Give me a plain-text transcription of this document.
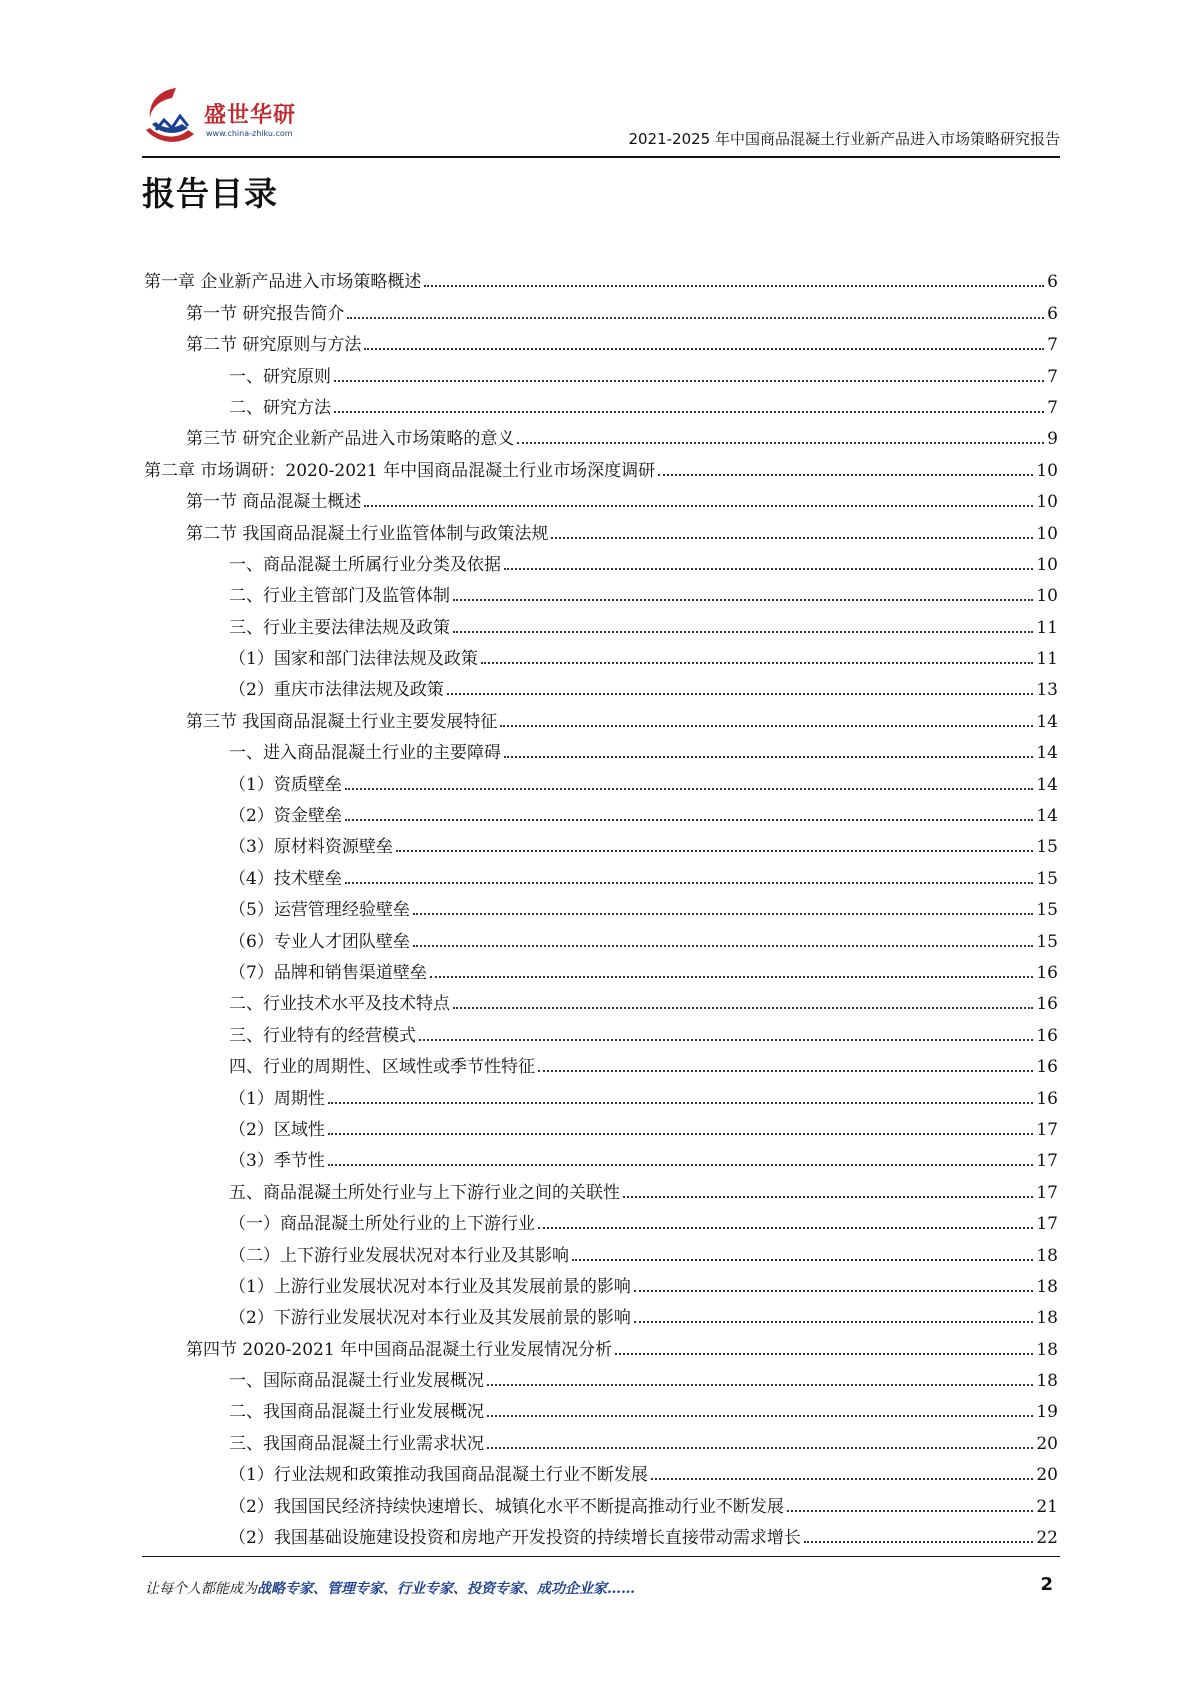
盛世华研
www.china-zhiku.com	2021-2025 年中国商品混凝土行业新产品进入市场策略研究报告
报告目录
第一章 企业新产品进入市场策略概述	6
第一节 研究报告简介	6
第二节 研究原则与方法	7
一、研究原则	7
二、研究方法	7
第三节 研究企业新产品进入市场策略的意义	9
第二章 市场调研：2020-2021 年中国商品混凝土行业市场深度调研	10
第一节 商品混凝土概述	10
第二节 我国商品混凝土行业监管体制与政策法规	10
一、商品混凝土所属行业分类及依据	10
二、行业主管部门及监管体制	10
三、行业主要法律法规及政策	11
（1）国家和部门法律法规及政策	11
（2）重庆市法律法规及政策	13
第三节 我国商品混凝土行业主要发展特征	14
一、进入商品混凝土行业的主要障碍	14
（1）资质壁垒	14
（2）资金壁垒	14
（3）原材料资源壁垒	15
（4）技术壁垒	15
（5）运营管理经验壁垒	15
（6）专业人才团队壁垒	15
（7）品牌和销售渠道壁垒	16
二、行业技术水平及技术特点	16
三、行业特有的经营模式	16
四、行业的周期性、区域性或季节性特征	16
（1）周期性	16
（2）区域性	17
（3）季节性	17
五、商品混凝土所处行业与上下游行业之间的关联性	17
（一）商品混凝土所处行业的上下游行业	17
（二）上下游行业发展状况对本行业及其影响	18
（1）上游行业发展状况对本行业及其发展前景的影响	18
（2）下游行业发展状况对本行业及其发展前景的影响	18
第四节 2020-2021 年中国商品混凝土行业发展情况分析	18
一、国际商品混凝土行业发展概况	18
二、我国商品混凝土行业发展概况	19
三、我国商品混凝土行业需求状况	20
（1）行业法规和政策推动我国商品混凝土行业不断发展	20
（2）我国国民经济持续快速增长、城镇化水平不断提高推动行业不断发展	21
（2）我国基础设施建设投资和房地产开发投资的持续增长直接带动需求增长	22
让每个人都能成为战略专家、管理专家、行业专家、投资专家、成功企业家……	2
